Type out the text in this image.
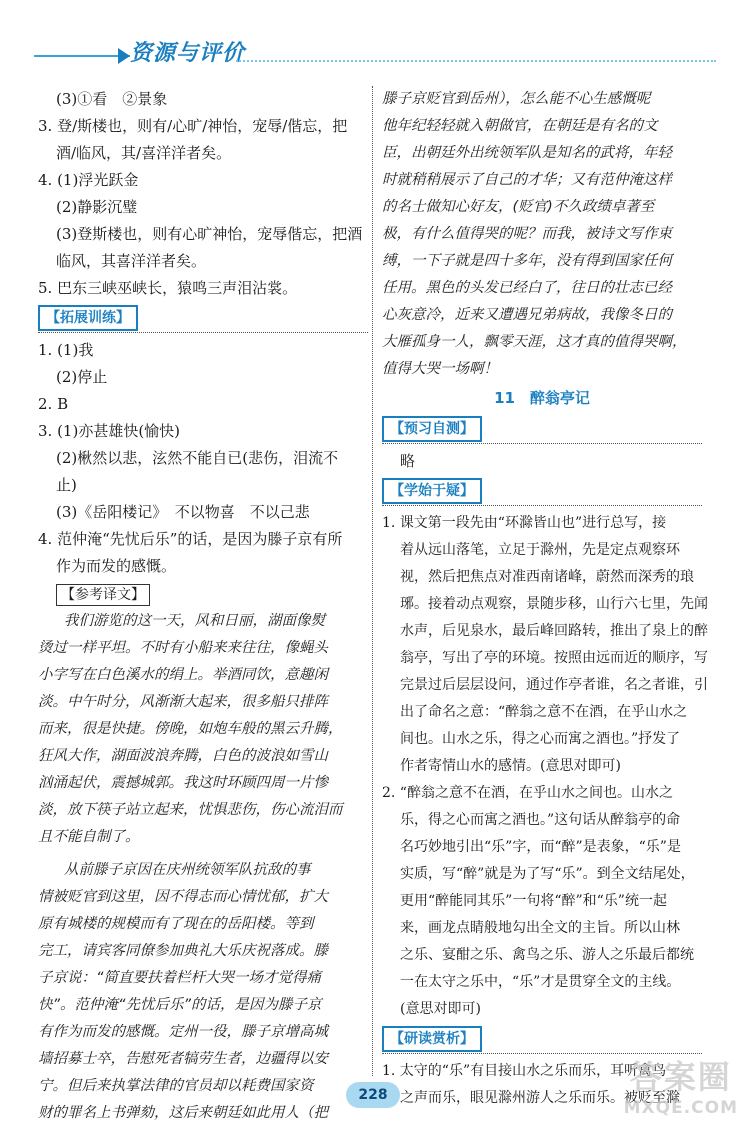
资源与评价
(3)①看　②景象
3. 登/斯楼也，则有/心旷/神怡，宠辱/偕忘，把
酒/临风，其/喜洋洋者矣。
4. (1)浮光跃金
(2)静影沉璧
(3)登斯楼也，则有心旷神怡，宠辱偕忘，把酒
临风，其喜洋洋者矣。
5. 巴东三峡巫峡长，猿鸣三声泪沾裳。
【拓展训练】
1. (1)我
(2)停止
2. B
3. (1)亦甚雄快(愉快)
(2)楸然以悲，泫然不能自已(悲伤，泪流不
止)
(3)《岳阳楼记》　不以物喜　不以己悲
4. 范仲淹“先忧后乐”的话，是因为滕子京有所
作为而发的感慨。
【参考译文】
我们游览的这一天，风和日丽，湖面像熨
烫过一样平坦。不时有小船来来往往，像蝇头
小字写在白色溪水的绢上。举酒同饮，意趣闲
淡。中午时分，风渐渐大起来，很多船只排阵
而来，很是快捷。傍晚，如炮车般的黑云升腾，
狂风大作，湖面波浪奔腾，白色的波浪如雪山
汹涌起伏，震撼城郭。我这时环顾四周一片惨
淡，放下筷子站立起来，忧惧悲伤，伤心流泪而
且不能自制了。
从前滕子京因在庆州统领军队抗敌的事
情被贬官到这里，因不得志而心情忧郁，扩大
原有城楼的规模而有了现在的岳阳楼。等到
完工，请宾客同僚参加典礼大乐庆祝落成。滕
子京说：“简直要扶着栏杆大哭一场才觉得痛
快”。范仲淹“先忧后乐”的话，是因为滕子京
有作为而发的感慨。定州一役，滕子京增高城
墙招募士卒，告慰死者犒劳生者，边疆得以安
宁。但后来执掌法律的官员却以耗费国家资
财的罪名上书弹劾，这后来朝廷如此用人（把
滕子京贬官到岳州），怎么能不心生感慨呢
他年纪轻轻就入朝做官，在朝廷是有名的文
臣，出朝廷外出统领军队是知名的武将，年轻
时就稍稍展示了自己的才华；又有范仲淹这样
的名士做知心好友，(贬官)不久政绩卓著至
极，有什么值得哭的呢？而我，被诗文写作束
缚，一下子就是四十多年，没有得到国家任何
任用。黑色的头发已经白了，往日的壮志已经
心灰意冷，近来又遭遇兄弟病故，我像冬日的
大雁孤身一人，飘零天涯，这才真的值得哭啊，
值得大哭一场啊！
11　醉翁亭记
【预习自测】
略
【学始于疑】
1. 课文第一段先由“环滁皆山也”进行总写，接
着从远山落笔，立足于滁州，先是定点观察环
视，然后把焦点对准西南诸峰，蔚然而深秀的琅
琊。接着动点观察，景随步移，山行六七里，先闻
水声，后见泉水，最后峰回路转，推出了泉上的醉
翁亭，写出了亭的环境。按照由远而近的顺序，写
完景过后层层设问，通过作亭者谁，名之者谁，引
出了命名之意：“醉翁之意不在酒，在乎山水之
间也。山水之乐，得之心而寓之酒也。”抒发了
作者寄情山水的感情。(意思对即可)
2. “醉翁之意不在酒，在乎山水之间也。山水之
乐，得之心而寓之酒也。”这句话从醉翁亭的命
名巧妙地引出“乐”字，而“醉”是表象，“乐”是
实质，写“醉”就是为了写“乐”。到全文结尾处，
更用“醉能同其乐”一句将“醉”和“乐”统一起
来，画龙点睛般地勾出全文的主旨。所以山林
之乐、宴酣之乐、禽鸟之乐、游人之乐最后都统
一在太守之乐中，“乐”才是贯穿全文的主线。
(意思对即可)
【研读赏析】
1. 太守的“乐”有目接山水之乐而乐，耳听禽鸟
之声而乐，眼见滁州游人之乐而乐。被贬至滁
228	答案圈
MXQE.COM
